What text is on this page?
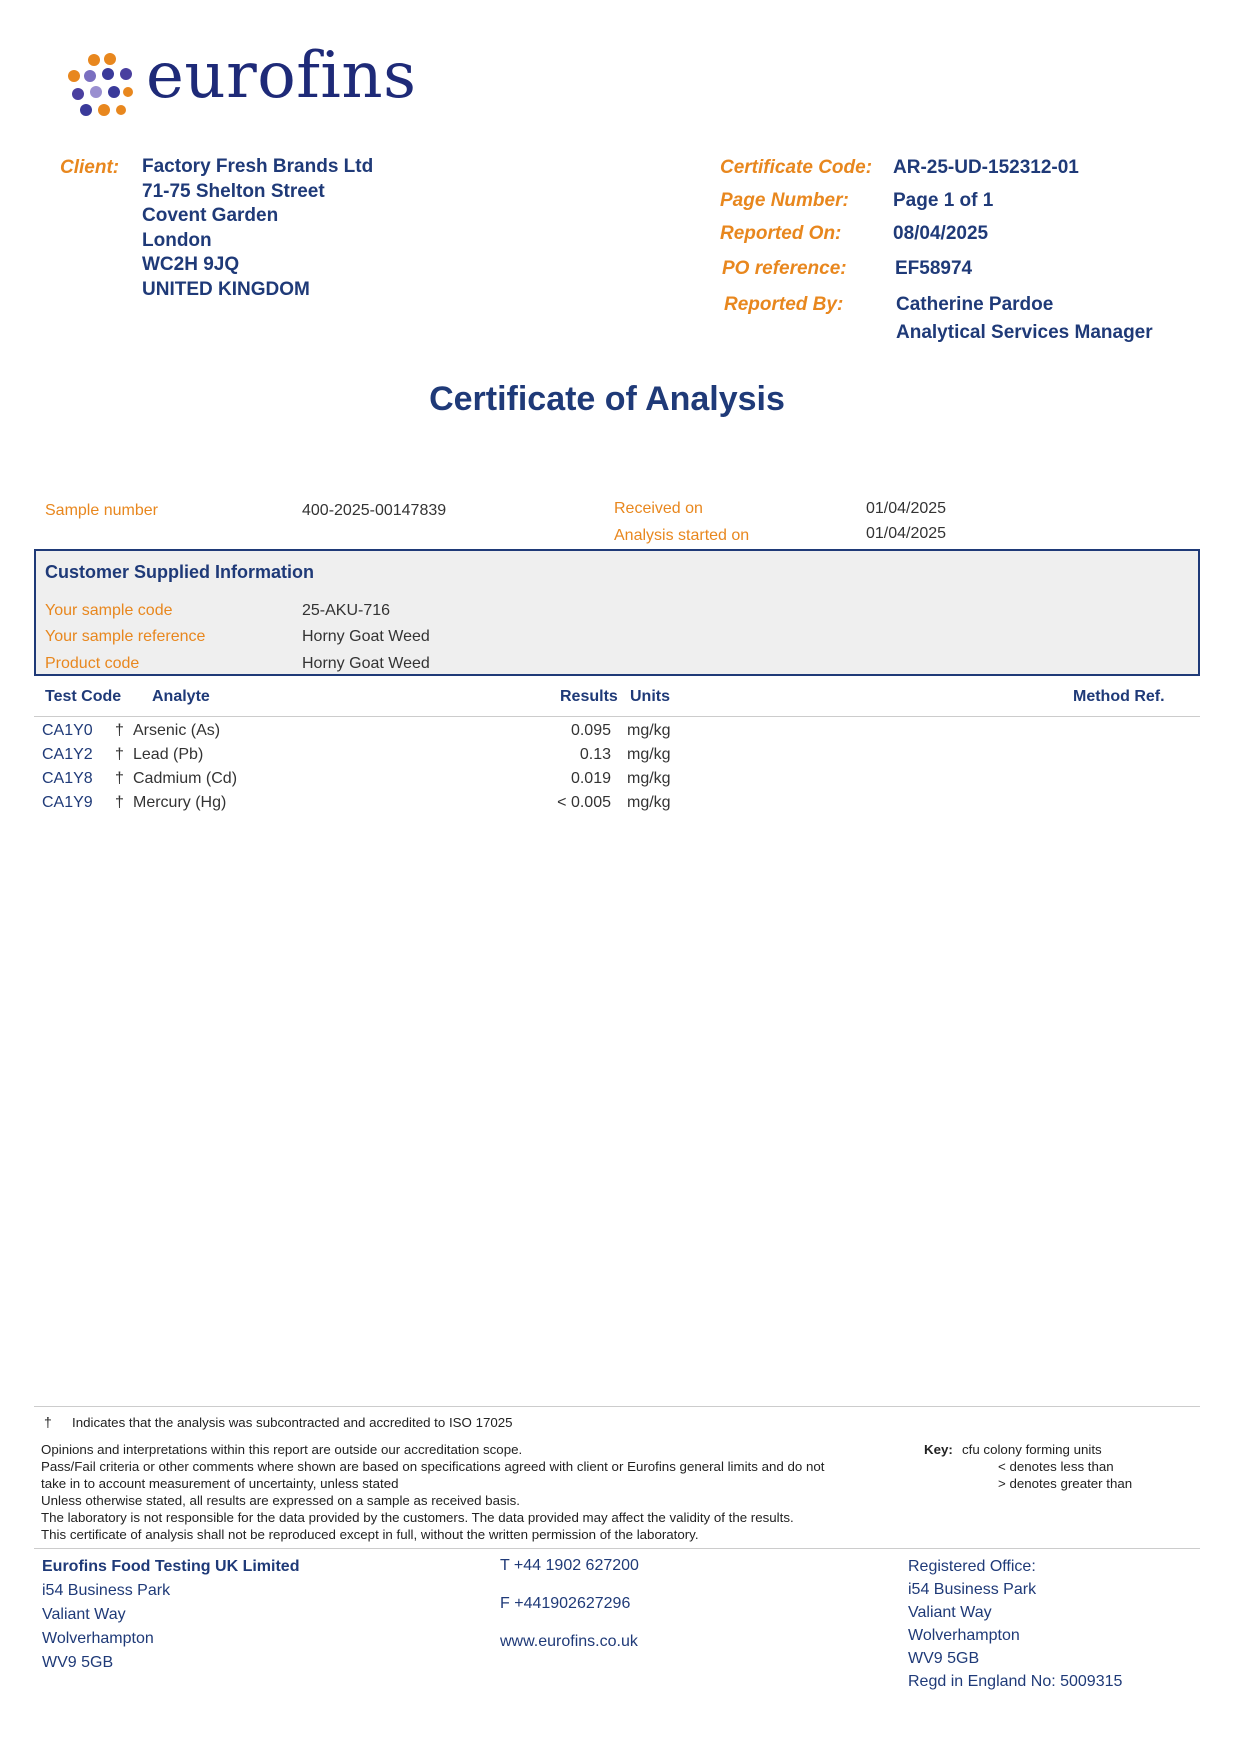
eurofins
Client: Factory Fresh Brands Ltd
71-75 Shelton Street
Covent Garden
London
WC2H 9JQ
UNITED KINGDOM
Certificate Code: AR-25-UD-152312-01
Page Number: Page 1 of 1
Reported On:	08/04/2025
PO reference:	EF58974
Reported By:	Catherine Pardoe
Analytical Services Manager
Certificate of Analysis
Sample number	400-2025-00147839	Received on	01/04/2025
Analysis started on	01/04/2025
Customer Supplied Information
Your sample code	25-AKU-716
Your sample reference	Horny Goat Weed
Product code	Horny Goat Weed
Test Code Analyte	Results Units	Method Ref.
CA1Y0 † Arsenic (As)	0.095 mg/kg
CA1Y2 † Lead (Pb)	0.13 mg/kg
CA1Y8 † Cadmium (Cd)	0.019 mg/kg
CA1Y9 † Mercury (Hg)	< 0.005 mg/kg
† Indicates that the analysis was subcontracted and accredited to ISO 17025
Opinions and interpretations within this report are outside our accreditation scope.
Pass/Fail criteria or other comments where shown are based on specifications agreed with client or Eurofins general limits and do not
take in to account measurement of uncertainty, unless stated
Unless otherwise stated, all results are expressed on a sample as received basis.
The laboratory is not responsible for the data provided by the customers. The data provided may affect the validity of the results.
This certificate of analysis shall not be reproduced except in full, without the written permission of the laboratory.
Key: cfu colony forming units
< denotes less than
> denotes greater than
Eurofins Food Testing UK Limited
i54 Business Park
Valiant Way
Wolverhampton
WV9 5GB
T +44 1902 627200
F +441902627296
www.eurofins.co.uk
Registered Office:
i54 Business Park
Valiant Way
Wolverhampton
WV9 5GB
Regd in England No: 5009315
